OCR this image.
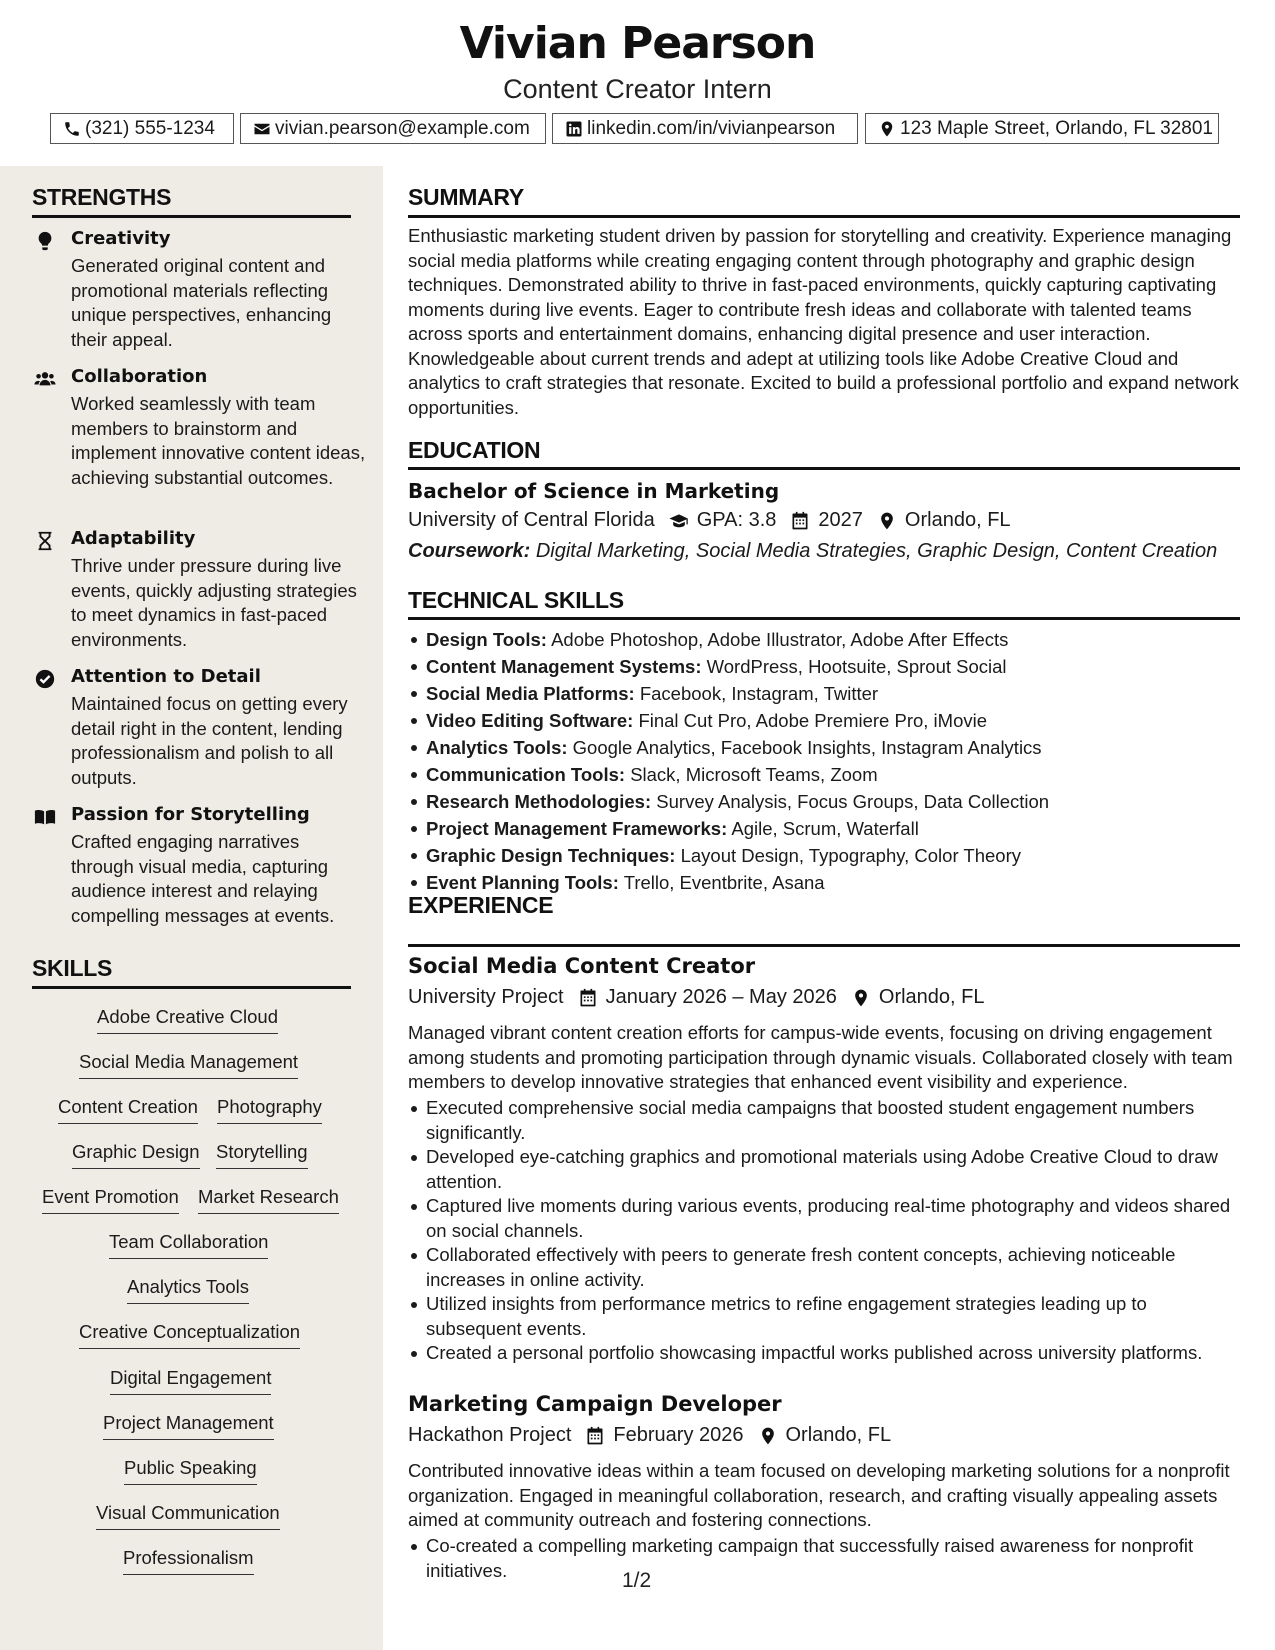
Vivian Pearson
Content Creator Intern
(321) 555-1234	vivian.pearson@example.com	linkedin.com/in/vivianpearson	123 Maple Street, Orlando, FL 32801
STRENGTHS
Creativity
Generated original content and promotional materials reflecting unique perspectives, enhancing their appeal.
Collaboration
Worked seamlessly with team members to brainstorm and implement innovative content ideas, achieving substantial outcomes.
Adaptability
Thrive under pressure during live events, quickly adjusting strategies to meet dynamics in fast-paced environments.
Attention to Detail
Maintained focus on getting every detail right in the content, lending professionalism and polish to all outputs.
Passion for Storytelling
Crafted engaging narratives through visual media, capturing audience interest and relaying compelling messages at events.
SKILLS
Adobe Creative Cloud
Social Media Management
Content Creation Photography
Graphic Design Storytelling
Event Promotion Market Research
Team Collaboration
Analytics Tools
Creative Conceptualization
Digital Engagement
Project Management
Public Speaking
Visual Communication
Professionalism
SUMMARY
Enthusiastic marketing student driven by passion for storytelling and creativity. Experience managing social media platforms while creating engaging content through photography and graphic design techniques. Demonstrated ability to thrive in fast-paced environments, quickly capturing captivating moments during live events. Eager to contribute fresh ideas and collaborate with talented teams across sports and entertainment domains, enhancing digital presence and user interaction. Knowledgeable about current trends and adept at utilizing tools like Adobe Creative Cloud and analytics to craft strategies that resonate. Excited to build a professional portfolio and expand network opportunities.
EDUCATION
Bachelor of Science in Marketing
University of Central Florida GPA: 3.8 2027 Orlando, FL
Coursework: Digital Marketing, Social Media Strategies, Graphic Design, Content Creation
TECHNICAL SKILLS
Design Tools: Adobe Photoshop, Adobe Illustrator, Adobe After Effects
Content Management Systems: WordPress, Hootsuite, Sprout Social
Social Media Platforms: Facebook, Instagram, Twitter
Video Editing Software: Final Cut Pro, Adobe Premiere Pro, iMovie
Analytics Tools: Google Analytics, Facebook Insights, Instagram Analytics
Communication Tools: Slack, Microsoft Teams, Zoom
Research Methodologies: Survey Analysis, Focus Groups, Data Collection
Project Management Frameworks: Agile, Scrum, Waterfall
Graphic Design Techniques: Layout Design, Typography, Color Theory
Event Planning Tools: Trello, Eventbrite, Asana
EXPERIENCE
Social Media Content Creator
University Project January 2026 – May 2026 Orlando, FL
Managed vibrant content creation efforts for campus-wide events, focusing on driving engagement among students and promoting participation through dynamic visuals. Collaborated closely with team members to develop innovative strategies that enhanced event visibility and experience.
Executed comprehensive social media campaigns that boosted student engagement numbers significantly.
Developed eye-catching graphics and promotional materials using Adobe Creative Cloud to draw attention.
Captured live moments during various events, producing real-time photography and videos shared on social channels.
Collaborated effectively with peers to generate fresh content concepts, achieving noticeable increases in online activity.
Utilized insights from performance metrics to refine engagement strategies leading up to subsequent events.
Created a personal portfolio showcasing impactful works published across university platforms.
Marketing Campaign Developer
Hackathon Project February 2026 Orlando, FL
Contributed innovative ideas within a team focused on developing marketing solutions for a nonprofit organization. Engaged in meaningful collaboration, research, and crafting visually appealing assets aimed at community outreach and fostering connections.
Co-created a compelling marketing campaign that successfully raised awareness for nonprofit initiatives.	1/2
